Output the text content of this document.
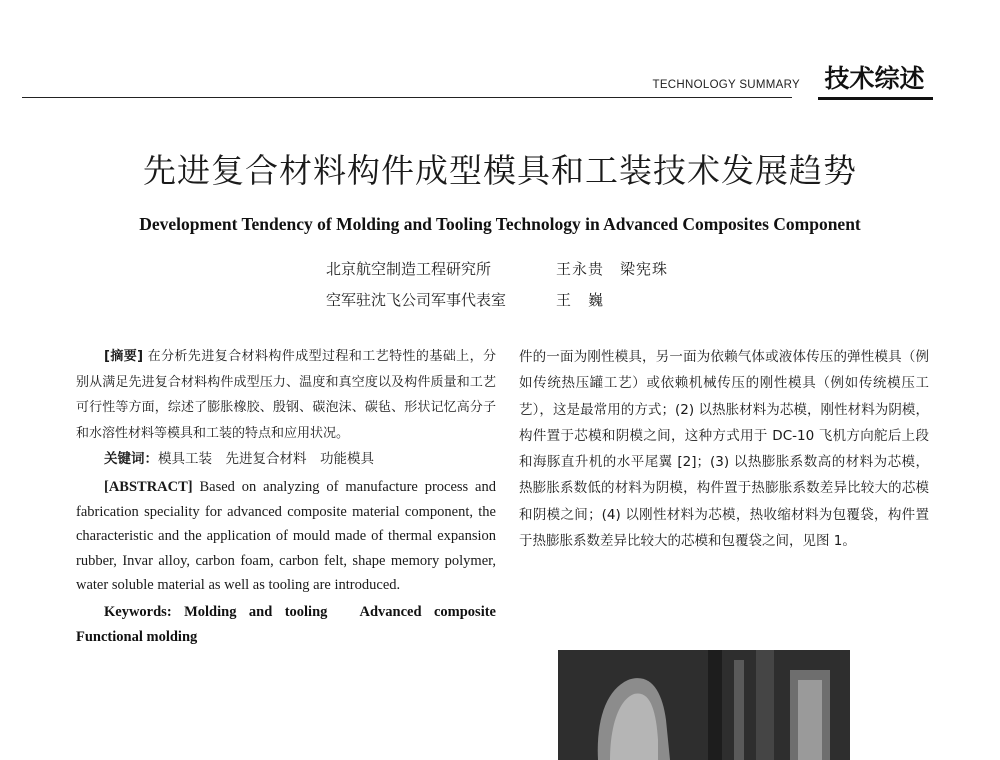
TECHNOLOGY SUMMARY 技术综述
先进复合材料构件成型模具和工装技术发展趋势
Development Tendency of Molding and Tooling Technology in Advanced Composites Component
北京航空制造工程研究所	王永贵　梁宪珠
空军驻沈飞公司军事代表室	王　巍

[摘要] 在分析先进复合材料构件成型过程和工艺特性的基础上，分别从满足先进复合材料构件成型压力、温度和真空度以及构件质量和工艺可行性等方面，综述了膨胀橡胶、殷钢、碳泡沫、碳毡、形状记忆高分子和水溶性材料等模具和工装的特点和应用状况。

关键词：模具工装　先进复合材料　功能模具

[ABSTRACT] Based on analyzing of manufacture process and fabrication speciality for advanced composite material component, the characteristic and the application of mould made of thermal expansion rubber, Invar alloy, carbon foam, carbon felt, shape memory polymer, water soluble material as well as tooling are introduced.

Keywords: Molding and tooling　Advanced composite　Functional molding

件的一面为刚性模具，另一面为依赖气体或液体传压的弹性模具（例如传统热压罐工艺）或依赖机械传压的刚性模具（例如传统模压工艺），这是最常用的方式；(2) 以热胀材料为芯模，刚性材料为阴模，构件置于芯模和阴模之间，这种方式用于 DC-10 飞机方向舵后上段和海豚直升机的水平尾翼 [2]；(3) 以热膨胀系数高的材料为芯模，热膨胀系数低的材料为阴模，构件置于热膨胀系数差异比较大的芯模和阴模之间；(4) 以刚性材料为芯模，热收缩材料为包覆袋，构件置于热膨胀系数差异比较大的芯模和包覆袋之间，见图 1。
